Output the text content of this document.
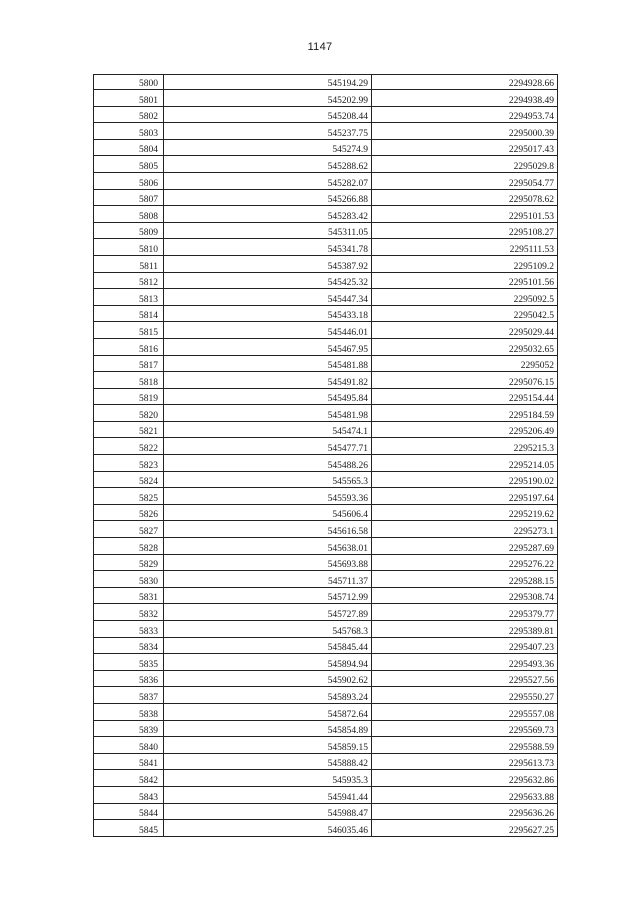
1147
5800	545194.29	2294928.66
5801	545202.99	2294938.49
5802	545208.44	2294953.74
5803	545237.75	2295000.39
5804	545274.9	2295017.43
5805	545288.62	2295029.8
5806	545282.07	2295054.77
5807	545266.88	2295078.62
5808	545283.42	2295101.53
5809	545311.05	2295108.27
5810	545341.78	2295111.53
5811	545387.92	2295109.2
5812	545425.32	2295101.56
5813	545447.34	2295092.5
5814	545433.18	2295042.5
5815	545446.01	2295029.44
5816	545467.95	2295032.65
5817	545481.88	2295052
5818	545491.82	2295076.15
5819	545495.84	2295154.44
5820	545481.98	2295184.59
5821	545474.1	2295206.49
5822	545477.71	2295215.3
5823	545488.26	2295214.05
5824	545565.3	2295190.02
5825	545593.36	2295197.64
5826	545606.4	2295219.62
5827	545616.58	2295273.1
5828	545638.01	2295287.69
5829	545693.88	2295276.22
5830	545711.37	2295288.15
5831	545712.99	2295308.74
5832	545727.89	2295379.77
5833	545768.3	2295389.81
5834	545845.44	2295407.23
5835	545894.94	2295493.36
5836	545902.62	2295527.56
5837	545893.24	2295550.27
5838	545872.64	2295557.08
5839	545854.89	2295569.73
5840	545859.15	2295588.59
5841	545888.42	2295613.73
5842	545935.3	2295632.86
5843	545941.44	2295633.88
5844	545988.47	2295636.26
5845	546035.46	2295627.25
